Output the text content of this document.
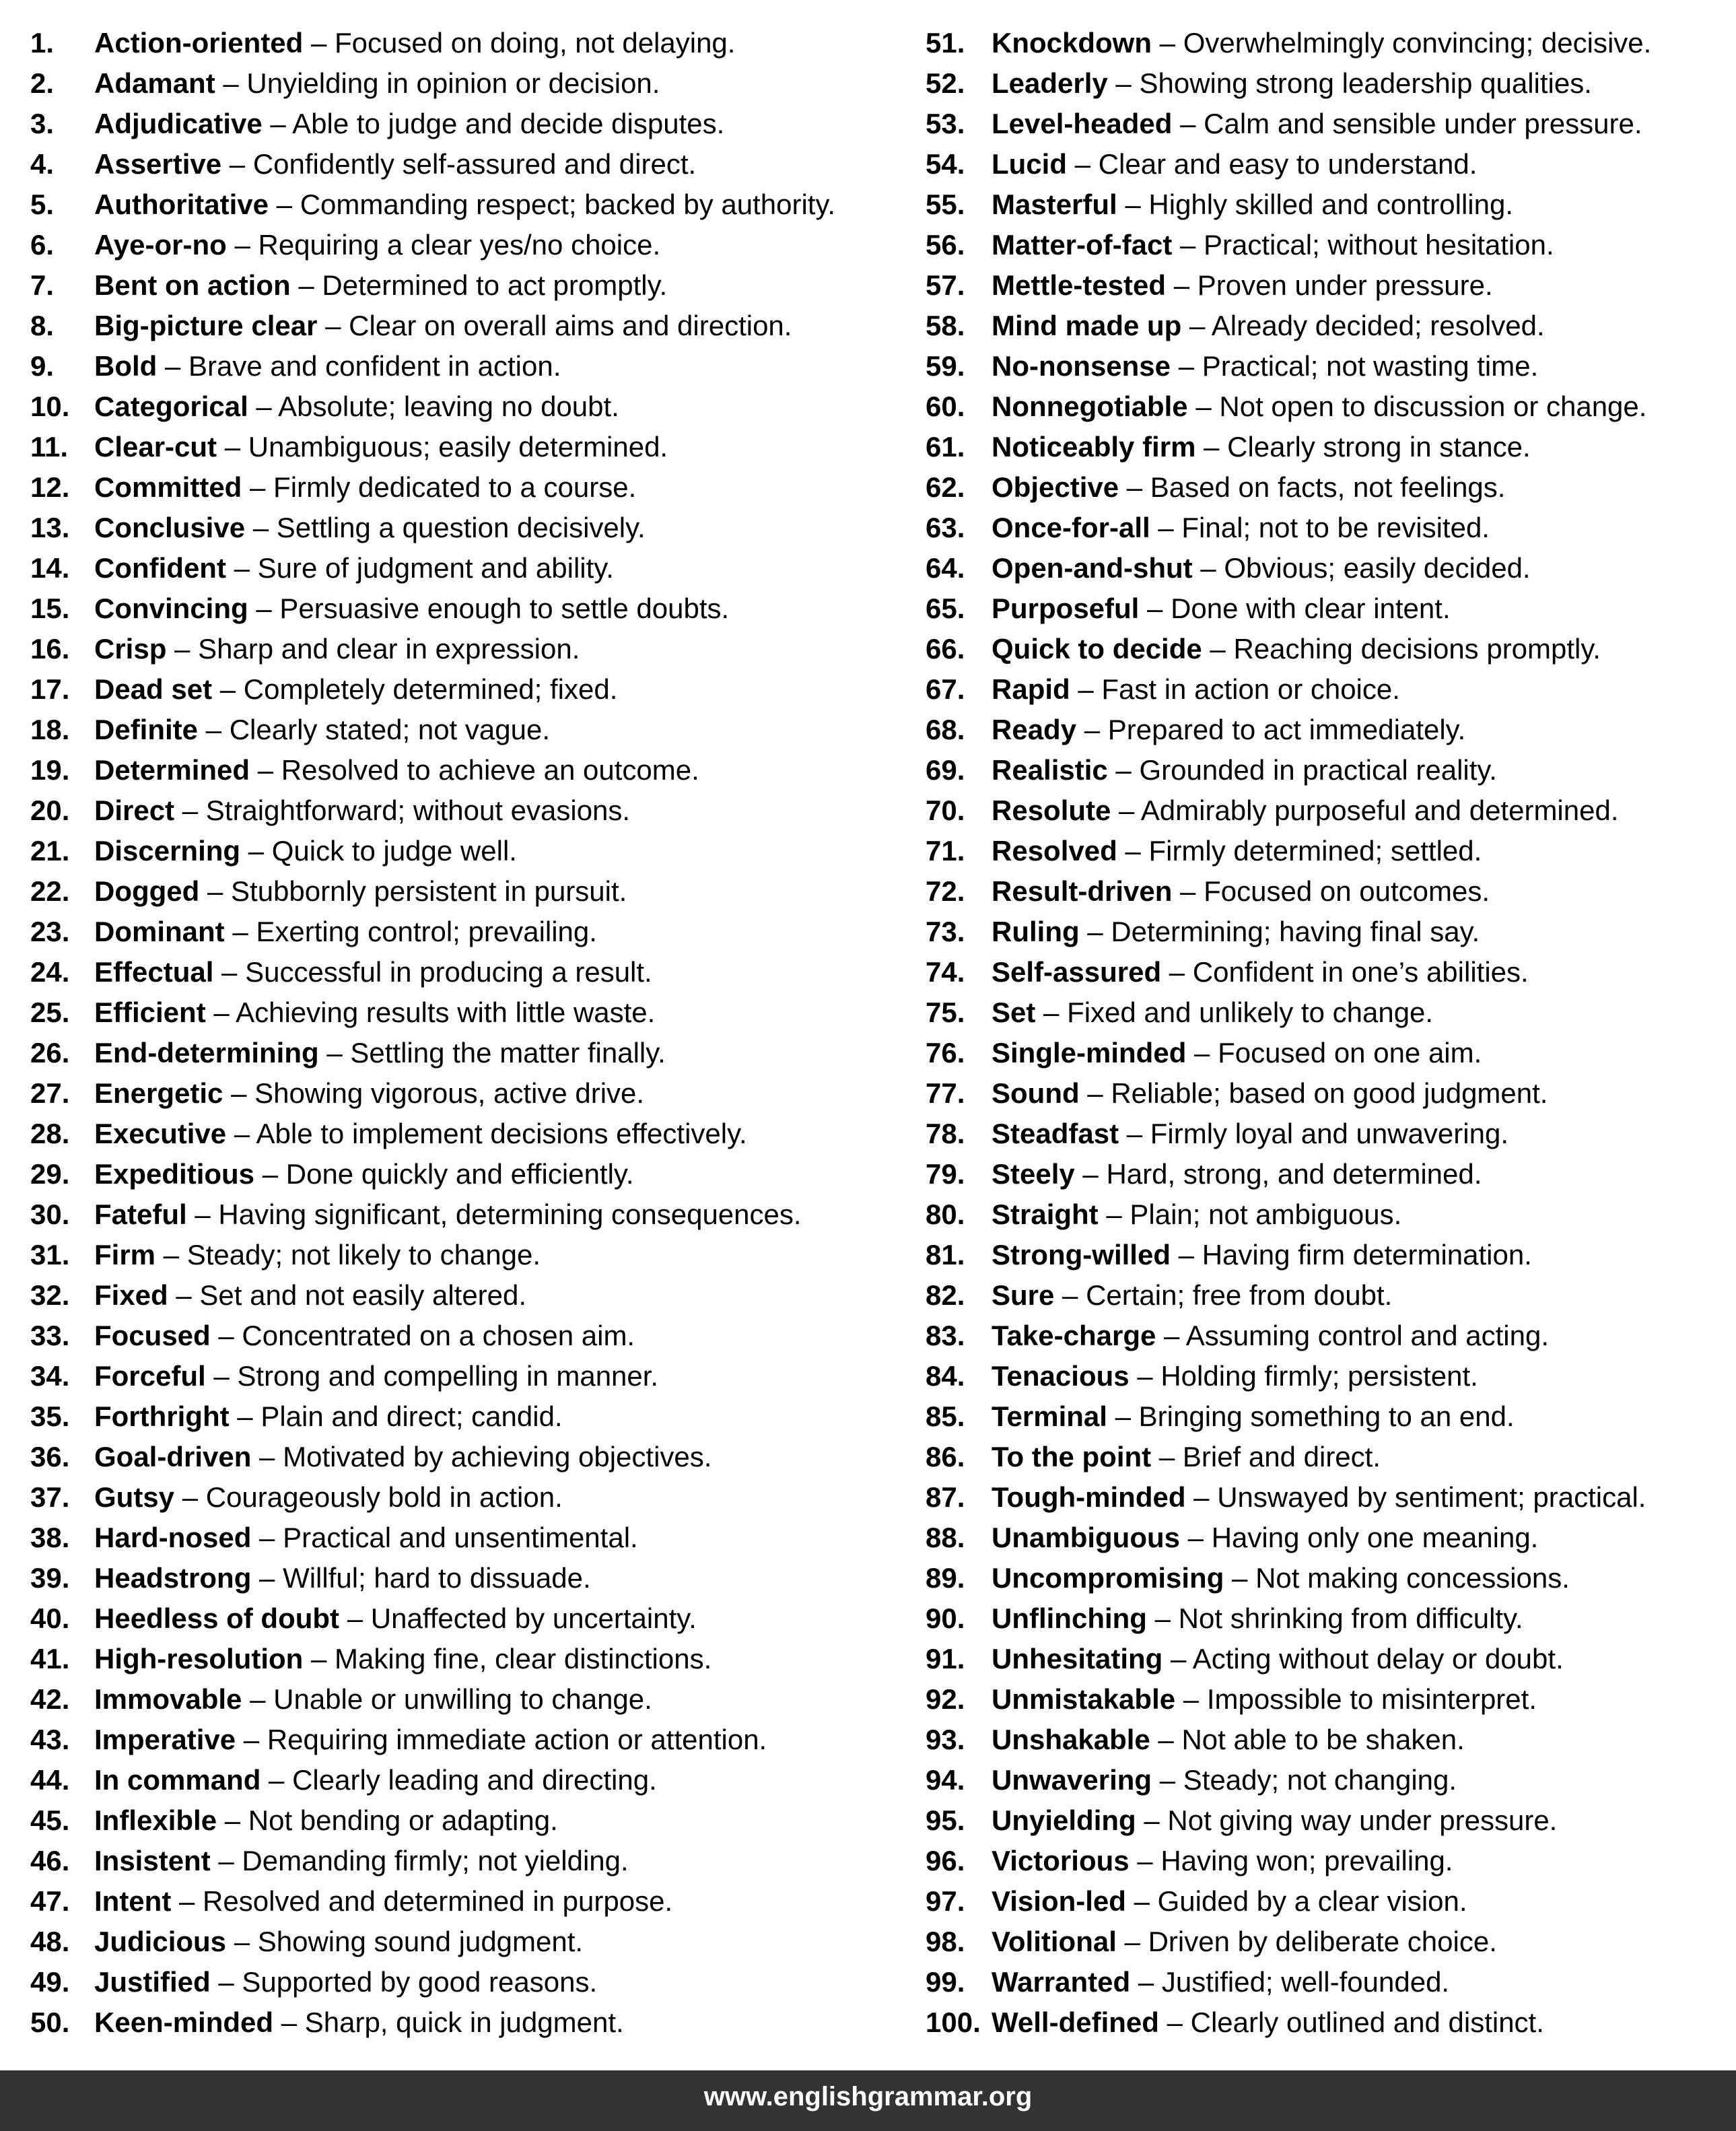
1. Action-oriented – Focused on doing, not delaying.
2. Adamant – Unyielding in opinion or decision.
3. Adjudicative – Able to judge and decide disputes.
4. Assertive – Confidently self-assured and direct.
5. Authoritative – Commanding respect; backed by authority.
6. Aye-or-no – Requiring a clear yes/no choice.
7. Bent on action – Determined to act promptly.
8. Big-picture clear – Clear on overall aims and direction.
9. Bold – Brave and confident in action.
10. Categorical – Absolute; leaving no doubt.
11. Clear-cut – Unambiguous; easily determined.
12. Committed – Firmly dedicated to a course.
13. Conclusive – Settling a question decisively.
14. Confident – Sure of judgment and ability.
15. Convincing – Persuasive enough to settle doubts.
16. Crisp – Sharp and clear in expression.
17. Dead set – Completely determined; fixed.
18. Definite – Clearly stated; not vague.
19. Determined – Resolved to achieve an outcome.
20. Direct – Straightforward; without evasions.
21. Discerning – Quick to judge well.
22. Dogged – Stubbornly persistent in pursuit.
23. Dominant – Exerting control; prevailing.
24. Effectual – Successful in producing a result.
25. Efficient – Achieving results with little waste.
26. End-determining – Settling the matter finally.
27. Energetic – Showing vigorous, active drive.
28. Executive – Able to implement decisions effectively.
29. Expeditious – Done quickly and efficiently.
30. Fateful – Having significant, determining consequences.
31. Firm – Steady; not likely to change.
32. Fixed – Set and not easily altered.
33. Focused – Concentrated on a chosen aim.
34. Forceful – Strong and compelling in manner.
35. Forthright – Plain and direct; candid.
36. Goal-driven – Motivated by achieving objectives.
37. Gutsy – Courageously bold in action.
38. Hard-nosed – Practical and unsentimental.
39. Headstrong – Willful; hard to dissuade.
40. Heedless of doubt – Unaffected by uncertainty.
41. High-resolution – Making fine, clear distinctions.
42. Immovable – Unable or unwilling to change.
43. Imperative – Requiring immediate action or attention.
44. In command – Clearly leading and directing.
45. Inflexible – Not bending or adapting.
46. Insistent – Demanding firmly; not yielding.
47. Intent – Resolved and determined in purpose.
48. Judicious – Showing sound judgment.
49. Justified – Supported by good reasons.
50. Keen-minded – Sharp, quick in judgment.
51. Knockdown – Overwhelmingly convincing; decisive.
52. Leaderly – Showing strong leadership qualities.
53. Level-headed – Calm and sensible under pressure.
54. Lucid – Clear and easy to understand.
55. Masterful – Highly skilled and controlling.
56. Matter-of-fact – Practical; without hesitation.
57. Mettle-tested – Proven under pressure.
58. Mind made up – Already decided; resolved.
59. No-nonsense – Practical; not wasting time.
60. Nonnegotiable – Not open to discussion or change.
61. Noticeably firm – Clearly strong in stance.
62. Objective – Based on facts, not feelings.
63. Once-for-all – Final; not to be revisited.
64. Open-and-shut – Obvious; easily decided.
65. Purposeful – Done with clear intent.
66. Quick to decide – Reaching decisions promptly.
67. Rapid – Fast in action or choice.
68. Ready – Prepared to act immediately.
69. Realistic – Grounded in practical reality.
70. Resolute – Admirably purposeful and determined.
71. Resolved – Firmly determined; settled.
72. Result-driven – Focused on outcomes.
73. Ruling – Determining; having final say.
74. Self-assured – Confident in one’s abilities.
75. Set – Fixed and unlikely to change.
76. Single-minded – Focused on one aim.
77. Sound – Reliable; based on good judgment.
78. Steadfast – Firmly loyal and unwavering.
79. Steely – Hard, strong, and determined.
80. Straight – Plain; not ambiguous.
81. Strong-willed – Having firm determination.
82. Sure – Certain; free from doubt.
83. Take-charge – Assuming control and acting.
84. Tenacious – Holding firmly; persistent.
85. Terminal – Bringing something to an end.
86. To the point – Brief and direct.
87. Tough-minded – Unswayed by sentiment; practical.
88. Unambiguous – Having only one meaning.
89. Uncompromising – Not making concessions.
90. Unflinching – Not shrinking from difficulty.
91. Unhesitating – Acting without delay or doubt.
92. Unmistakable – Impossible to misinterpret.
93. Unshakable – Not able to be shaken.
94. Unwavering – Steady; not changing.
95. Unyielding – Not giving way under pressure.
96. Victorious – Having won; prevailing.
97. Vision-led – Guided by a clear vision.
98. Volitional – Driven by deliberate choice.
99. Warranted – Justified; well-founded.
100. Well-defined – Clearly outlined and distinct.
www.englishgrammar.org
